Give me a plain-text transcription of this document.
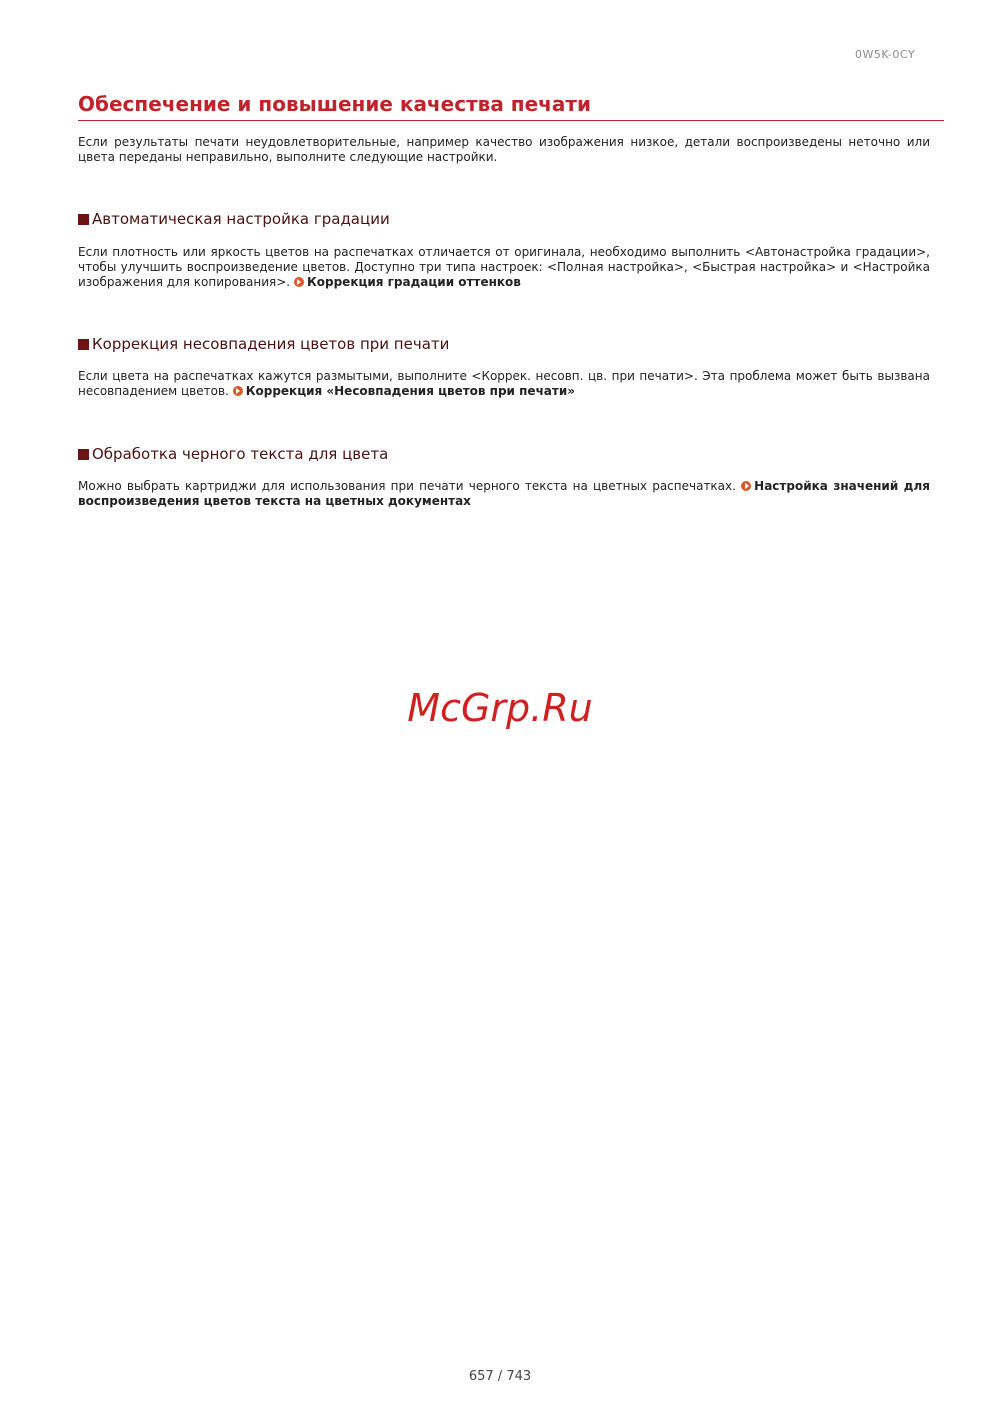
0W5K-0CY
Обеспечение и повышение качества печати

Если результаты печати неудовлетворительные, например качество изображения низкое, детали воспроизведены неточно или цвета переданы неправильно, выполните следующие настройки.

Автоматическая настройка градации

Если плотность или яркость цветов на распечатках отличается от оригинала, необходимо выполнить <Автонастройка градации>, чтобы улучшить воспроизведение цветов. Доступно три типа настроек: <Полная настройка>, <Быстрая настройка> и <Настройка изображения для копирования>. Коррекция градации оттенков

Коррекция несовпадения цветов при печати

Если цвета на распечатках кажутся размытыми, выполните <Коррек. несовп. цв. при печати>. Эта проблема может быть вызвана несовпадением цветов. Коррекция «Несовпадения цветов при печати»

Обработка черного текста для цвета

Можно выбрать картриджи для использования при печати черного текста на цветных распечатках. Настройка значений для воспроизведения цветов текста на цветных документах

McGrp.Ru
657 / 743
